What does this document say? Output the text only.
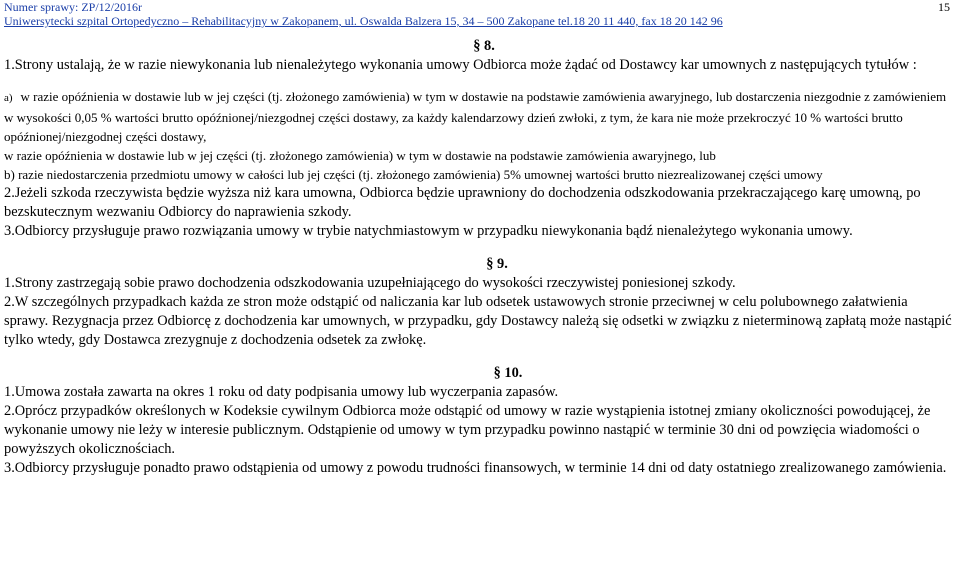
Numer sprawy: ZP/12/2016r
Uniwersytecki szpital Ortopedyczno – Rehabilitacyjny w Zakopanem, ul. Oswalda Balzera 15, 34 – 500 Zakopane tel.18 20 11 440, fax 18 20 142 96
15

§ 8.

1.Strony ustalają, że w razie niewykonania lub nienależytego wykonania umowy Odbiorca może żądać od Dostawcy kar umownych z następujących tytułów :

a) w razie opóźnienia w dostawie lub w jej części (tj. złożonego zamówienia) w tym w dostawie na podstawie zamówienia awaryjnego, lub dostarczenia niezgodnie z zamówieniem w wysokości 0,05 % wartości brutto opóźnionej/niezgodnej części dostawy, za każdy kalendarzowy dzień zwłoki, z tym, że kara nie może przekroczyć 10 % wartości brutto opóźnionej/niezgodnej części dostawy,

w razie opóźnienia w dostawie lub w jej części (tj. złożonego zamówienia) w tym w dostawie na podstawie zamówienia awaryjnego, lub

b) razie niedostarczenia przedmiotu umowy w całości lub jej części (tj. złożonego zamówienia) 5% umownej wartości brutto niezrealizowanej części umowy

2.Jeżeli szkoda rzeczywista będzie wyższa niż kara umowna, Odbiorca będzie uprawniony do dochodzenia odszkodowania przekraczającego karę umowną, po bezskutecznym wezwaniu Odbiorcy do naprawienia szkody.

3.Odbiorcy przysługuje prawo rozwiązania umowy w trybie natychmiastowym w przypadku niewykonania bądź nienależytego wykonania umowy.

§ 9.

1.Strony zastrzegają sobie prawo dochodzenia odszkodowania uzupełniającego do wysokości rzeczywistej poniesionej szkody.

2.W szczególnych przypadkach każda ze stron może odstąpić od naliczania kar lub odsetek ustawowych stronie przeciwnej w celu polubownego załatwienia sprawy. Rezygnacja przez Odbiorcę z dochodzenia kar umownych, w przypadku, gdy Dostawcy należą się odsetki w związku z nieterminową zapłatą może nastąpić tylko wtedy, gdy Dostawca zrezygnuje z dochodzenia odsetek za zwłokę.

§ 10.

1.Umowa została zawarta na okres 1 roku od daty podpisania umowy lub wyczerpania zapasów.

2.Oprócz przypadków określonych w Kodeksie cywilnym Odbiorca może odstąpić od umowy w razie wystąpienia istotnej zmiany okoliczności powodującej, że wykonanie umowy nie leży w interesie publicznym. Odstąpienie od umowy w tym przypadku powinno nastąpić w terminie 30 dni od powzięcia wiadomości o powyższych okolicznościach.

3.Odbiorcy przysługuje ponadto prawo odstąpienia od umowy z powodu trudności finansowych, w terminie 14 dni od daty ostatniego zrealizowanego zamówienia.
